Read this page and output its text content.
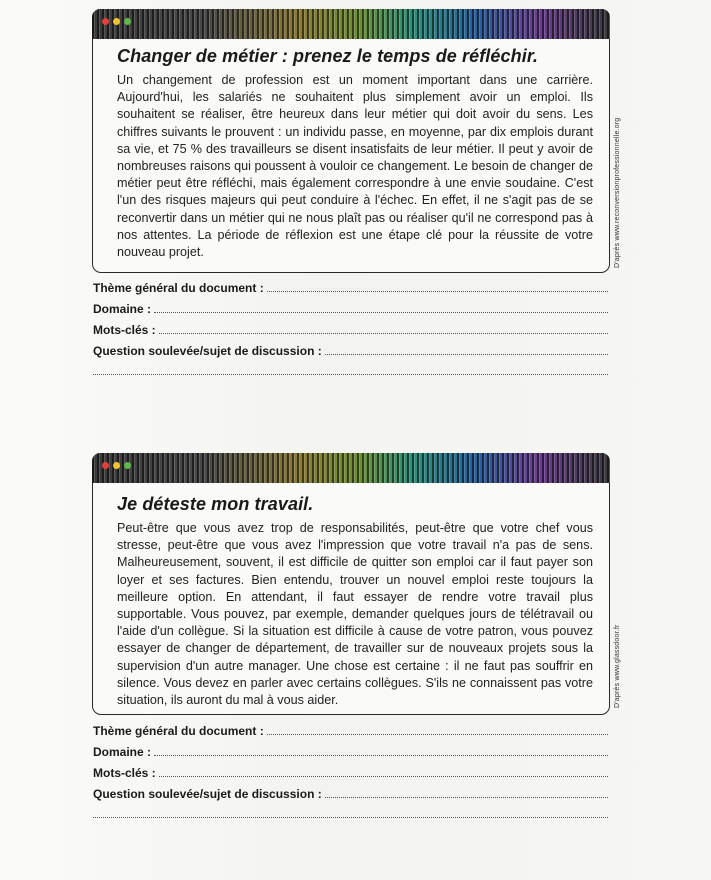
Changer de métier : prenez le temps de réfléchir.

Un changement de profession est un moment important dans une carrière. Aujourd'hui, les salariés ne souhaitent plus simplement avoir un emploi. Ils souhaitent se réaliser, être heureux dans leur métier qui doit avoir du sens. Les chiffres suivants le prouvent : un individu passe, en moyenne, par dix emplois durant sa vie, et 75 % des travailleurs se disent insatisfaits de leur métier. Il peut y avoir de nombreuses raisons qui poussent à vouloir ce changement. Le besoin de changer de métier peut être réfléchi, mais également correspondre à une envie soudaine. C'est l'un des risques majeurs qui peut conduire à l'échec. En effet, il ne s'agit pas de se reconvertir dans un métier qui ne nous plaît pas ou réaliser qu'il ne correspond pas à nos attentes. La période de réflexion est une étape clé pour la réussite de votre nouveau projet.	D'après www.reconversionprofessionnelle.org
Thème général du document :
Domaine :
Mots-clés :
Question soulevée/sujet de discussion :
Je déteste mon travail.

Peut-être que vous avez trop de responsabilités, peut-être que votre chef vous stresse, peut-être que vous avez l'impression que votre travail n'a pas de sens. Malheureusement, souvent, il est difficile de quitter son emploi car il faut payer son loyer et ses factures. Bien entendu, trouver un nouvel emploi reste toujours la meilleure option. En attendant, il faut essayer de rendre votre travail plus supportable. Vous pouvez, par exemple, demander quelques jours de télétravail ou l'aide d'un collègue. Si la situation est difficile à cause de votre patron, vous pouvez essayer de changer de département, de travailler sur de nouveaux projets sous la supervision d'un autre manager. Une chose est certaine : il ne faut pas souffrir en silence. Vous devez en parler avec certains collègues. S'ils ne connaissent pas votre situation, ils auront du mal à vous aider.	D'après www.glassdoor.fr
Thème général du document :
Domaine :
Mots-clés :
Question soulevée/sujet de discussion :
